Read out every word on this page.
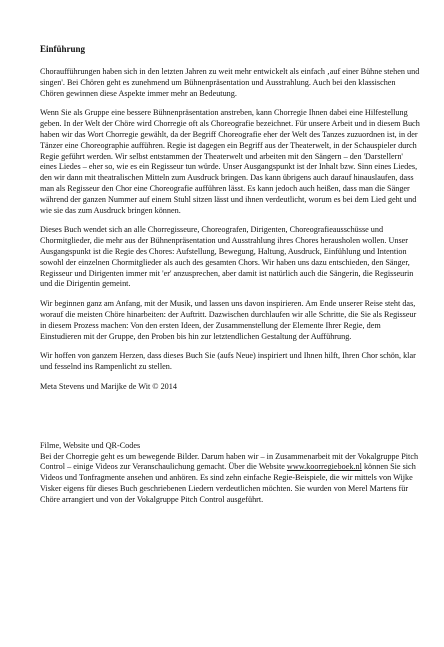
Einführung

Choraufführungen haben sich in den letzten Jahren zu weit mehr entwickelt als einfach ‚auf einer Bühne stehen und singen'. Bei Chören geht es zunehmend um Bühnenpräsentation und Ausstrahlung. Auch bei den klassischen Chören gewinnen diese Aspekte immer mehr an Bedeutung.

Wenn Sie als Gruppe eine bessere Bühnenpräsentation anstreben, kann Chorregie Ihnen dabei eine Hilfestellung geben. In der Welt der Chöre wird Chorregie oft als Choreografie bezeichnet. Für unsere Arbeit und in diesem Buch haben wir das Wort Chorregie gewählt, da der Begriff Choreografie eher der Welt des Tanzes zuzuordnen ist, in der Tänzer eine Choreographie aufführen. Regie ist dagegen ein Begriff aus der Theaterwelt, in der Schauspieler durch Regie geführt werden. Wir selbst entstammen der Theaterwelt und arbeiten mit den Sängern – den 'Darstellern' eines Liedes – eher so, wie es ein Regisseur tun würde. Unser Ausgangspunkt ist der Inhalt bzw. Sinn eines Liedes, den wir dann mit theatralischen Mitteln zum Ausdruck bringen. Das kann übrigens auch darauf hinauslaufen, dass man als Regisseur den Chor eine Choreografie aufführen lässt. Es kann jedoch auch heißen, dass man die Sänger während der ganzen Nummer auf einem Stuhl sitzen lässt und ihnen verdeutlicht, worum es bei dem Lied geht und wie sie das zum Ausdruck bringen können.

Dieses Buch wendet sich an alle Chorregisseure, Choreografen, Dirigenten, Choreografieausschüsse und Chormitglieder, die mehr aus der Bühnenpräsentation und Ausstrahlung ihres Chores herausholen wollen. Unser Ausgangspunkt ist die Regie des Chores: Aufstellung, Bewegung, Haltung, Ausdruck, Einfühlung und Intention sowohl der einzelnen Chormitglieder als auch des gesamten Chors. Wir haben uns dazu entschieden, den Sänger, Regisseur und Dirigenten immer mit 'er' anzusprechen, aber damit ist natürlich auch die Sängerin, die Regisseurin und die Dirigentin gemeint.

Wir beginnen ganz am Anfang, mit der Musik, und lassen uns davon inspirieren. Am Ende unserer Reise steht das, worauf die meisten Chöre hinarbeiten: der Auftritt. Dazwischen durchlaufen wir alle Schritte, die Sie als Regisseur in diesem Prozess machen: Von den ersten Ideen, der Zusammenstellung der Elemente Ihrer Regie, dem Einstudieren mit der Gruppe, den Proben bis hin zur letztendlichen Gestaltung der Aufführung.

Wir hoffen von ganzem Herzen, dass dieses Buch Sie (aufs Neue) inspiriert und Ihnen hilft, Ihren Chor schön, klar und fesselnd ins Rampenlicht zu stellen.

Meta Stevens und Marijke de Wit © 2014

Filme, Website und QR-Codes
Bei der Chorregie geht es um bewegende Bilder. Darum haben wir – in Zusammenarbeit mit der Vokalgruppe Pitch Control – einige Videos zur Veranschaulichung gemacht. Über die Website www.koorregieboek.nl können Sie sich Videos und Tonfragmente ansehen und anhören. Es sind zehn einfache Regie-Beispiele, die wir mittels von Wijke Visker eigens für dieses Buch geschriebenen Liedern verdeutlichen möchten. Sie wurden von Merel Martens für Chöre arrangiert und von der Vokalgruppe Pitch Control ausgeführt.
